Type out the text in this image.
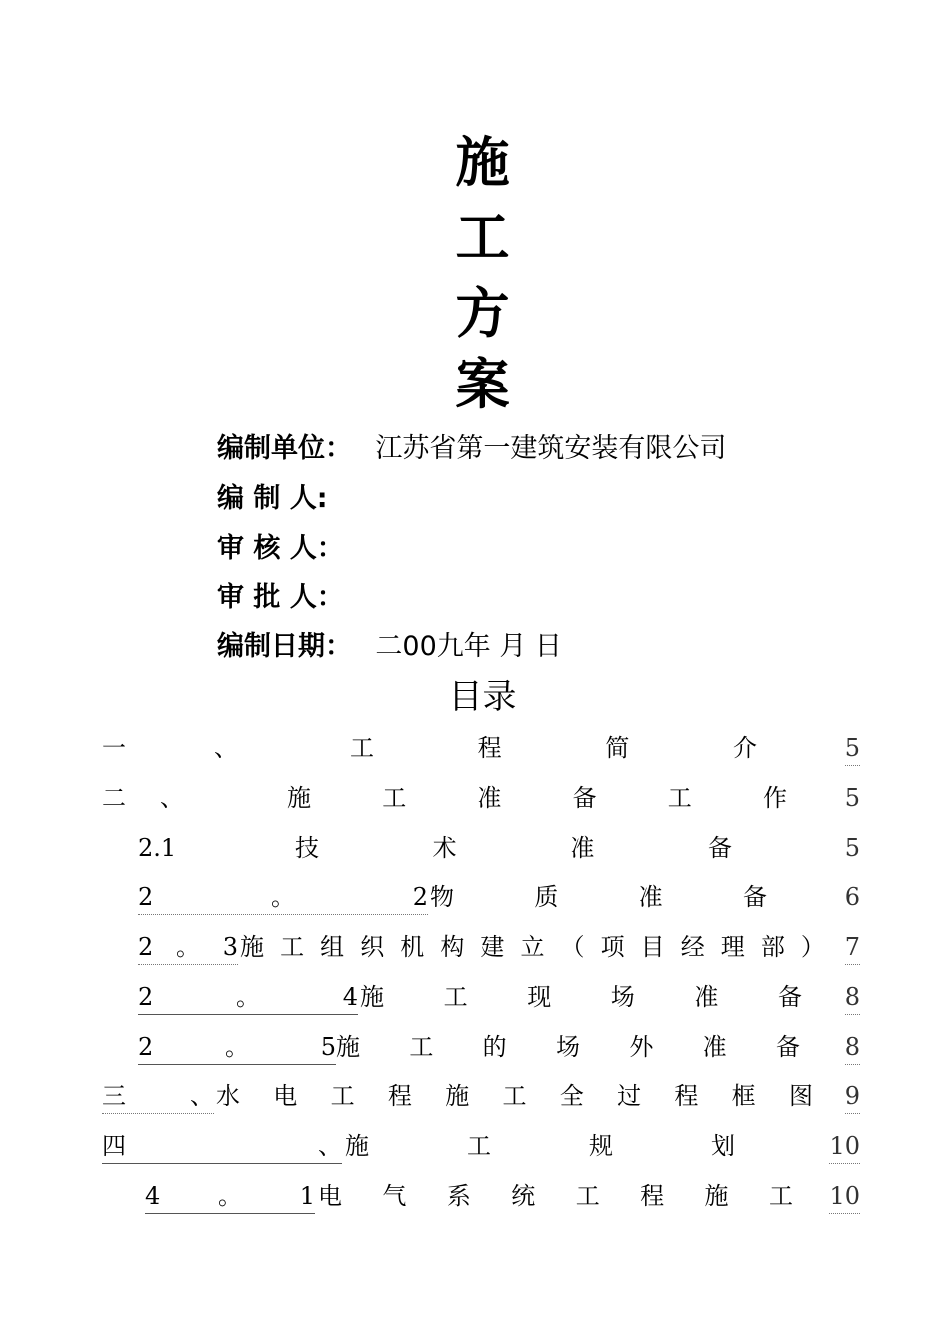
施
工
方
案
编制单位： 江苏省第一建筑安装有限公司
编 制 人:
审 核 人：
审 批 人：
编制日期： 二00九年 月 日
目录
一	、	工	程	简	介	5
二 、	施	工	准	备	工	作 5
2.1	技	术	准	备	5
2	。	2 物	质	准	备	6
2 。 3 施 工 组 织 机 构 建 立 （ 项 目 经 理 部 ） 7
2	。	4 施 工 现 场 准 备 8
2	。	5 施 工 的 场 外 准 备 8
三	、 水 电 工 程 施 工 全 过 程 框 图 9
四	、 施	工	规	划	10
4 。 1 电 气 系 统 工 程 施 工 10
